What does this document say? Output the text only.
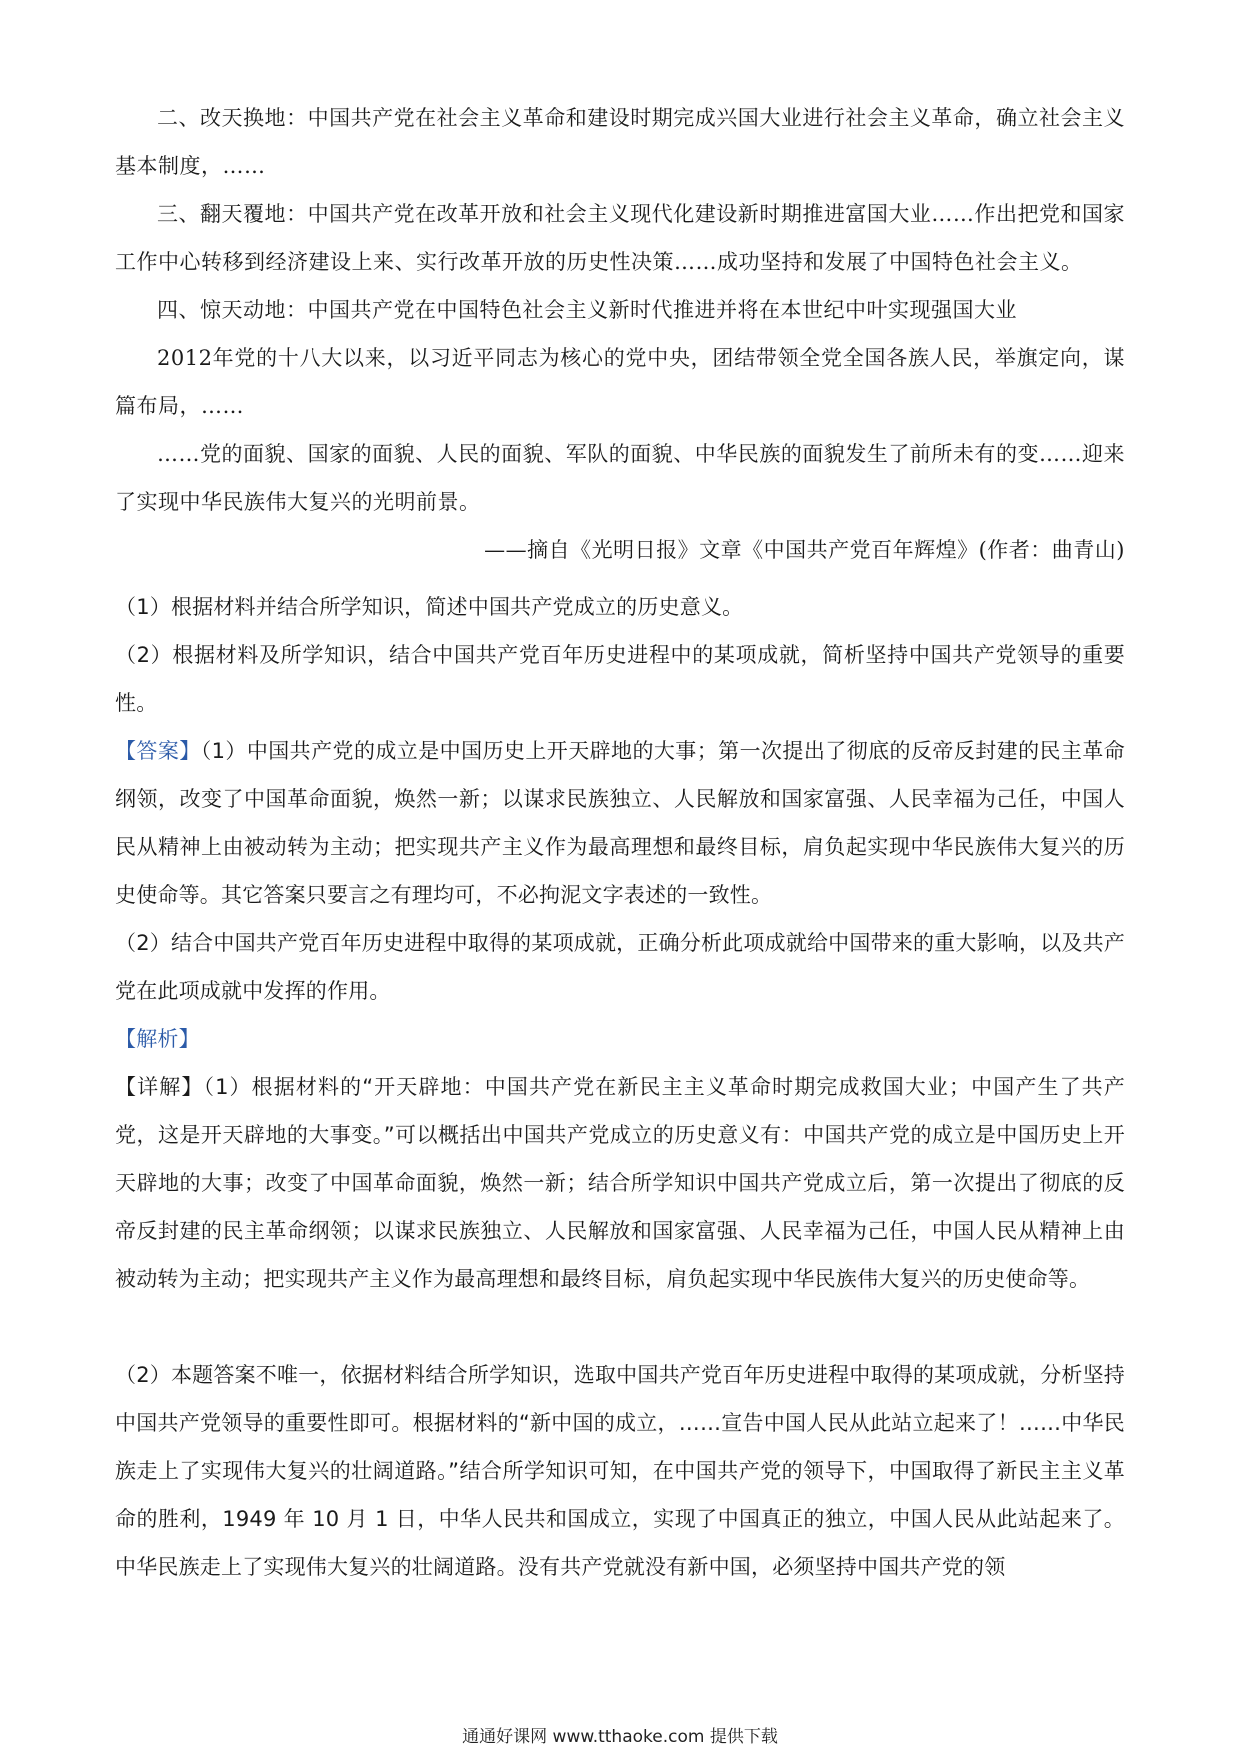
二、改天换地：中国共产党在社会主义革命和建设时期完成兴国大业进行社会主义革命，确立社会主义基本制度，……

三、翻天覆地：中国共产党在改革开放和社会主义现代化建设新时期推进富国大业……作出把党和国家工作中心转移到经济建设上来、实行改革开放的历史性决策……成功坚持和发展了中国特色社会主义。

四、惊天动地：中国共产党在中国特色社会主义新时代推进并将在本世纪中叶实现强国大业

2012年党的十八大以来，以习近平同志为核心的党中央，团结带领全党全国各族人民，举旗定向，谋篇布局，……

……党的面貌、国家的面貌、人民的面貌、军队的面貌、中华民族的面貌发生了前所未有的变……迎来了实现中华民族伟大复兴的光明前景。

——摘自《光明日报》文章《中国共产党百年辉煌》(作者：曲青山)

（1）根据材料并结合所学知识，简述中国共产党成立的历史意义。

（2）根据材料及所学知识，结合中国共产党百年历史进程中的某项成就，简析坚持中国共产党领导的重要性。

【答案】（1）中国共产党的成立是中国历史上开天辟地的大事；第一次提出了彻底的反帝反封建的民主革命纲领，改变了中国革命面貌，焕然一新；以谋求民族独立、人民解放和国家富强、人民幸福为己任，中国人民从精神上由被动转为主动；把实现共产主义作为最高理想和最终目标，肩负起实现中华民族伟大复兴的历史使命等。其它答案只要言之有理均可，不必拘泥文字表述的一致性。

（2）结合中国共产党百年历史进程中取得的某项成就，正确分析此项成就给中国带来的重大影响，以及共产党在此项成就中发挥的作用。

【解析】

【详解】（1）根据材料的“开天辟地：中国共产党在新民主主义革命时期完成救国大业；中国产生了共产党，这是开天辟地的大事变。”可以概括出中国共产党成立的历史意义有：中国共产党的成立是中国历史上开天辟地的大事；改变了中国革命面貌，焕然一新；结合所学知识中国共产党成立后，第一次提出了彻底的反帝反封建的民主革命纲领；以谋求民族独立、人民解放和国家富强、人民幸福为己任，中国人民从精神上由被动转为主动；把实现共产主义作为最高理想和最终目标，肩负起实现中华民族伟大复兴的历史使命等。

（2）本题答案不唯一，依据材料结合所学知识，选取中国共产党百年历史进程中取得的某项成就，分析坚持中国共产党领导的重要性即可。根据材料的“新中国的成立，……宣告中国人民从此站立起来了！……中华民族走上了实现伟大复兴的壮阔道路。”结合所学知识可知，在中国共产党的领导下，中国取得了新民主主义革命的胜利，1949 年 10 月 1 日，中华人民共和国成立，实现了中国真正的独立，中国人民从此站起来了。中华民族走上了实现伟大复兴的壮阔道路。没有共产党就没有新中国，必须坚持中国共产党的领

通通好课网 www.tthaoke.com 提供下载
